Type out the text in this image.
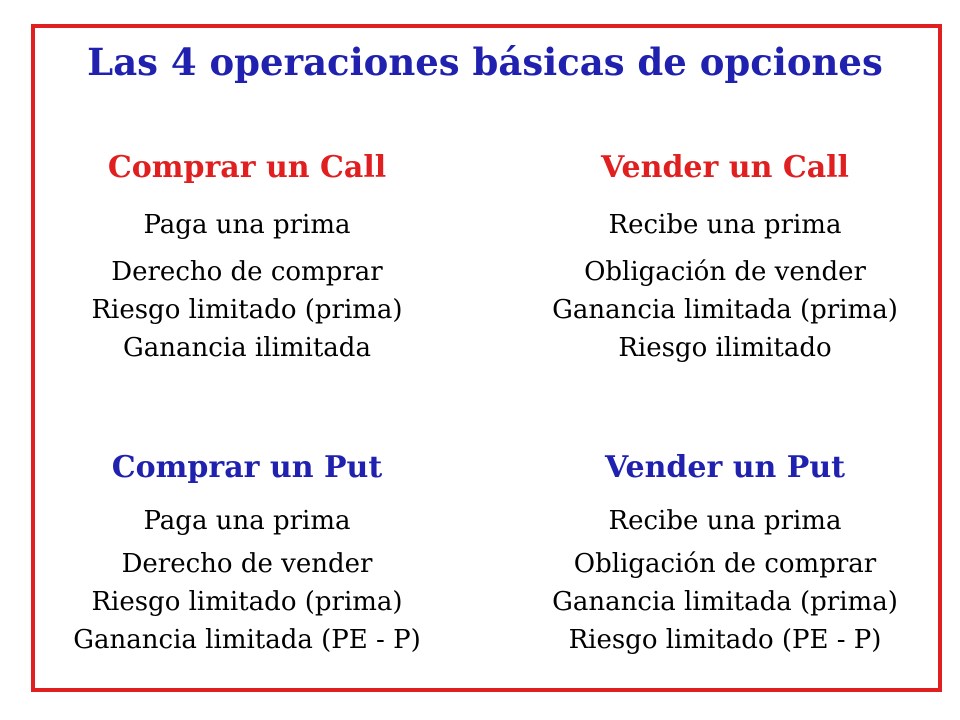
Las 4 operaciones básicas de opciones
Comprar un Call
Paga una prima
Derecho de comprar
Riesgo limitado (prima)
Ganancia ilimitada
Vender un Call
Recibe una prima
Obligación de vender
Ganancia limitada (prima)
Riesgo ilimitado
Comprar un Put
Paga una prima
Derecho de vender
Riesgo limitado (prima)
Ganancia limitada (PE - P)
Vender un Put
Recibe una prima
Obligación de comprar
Ganancia limitada (prima)
Riesgo limitado (PE - P)
